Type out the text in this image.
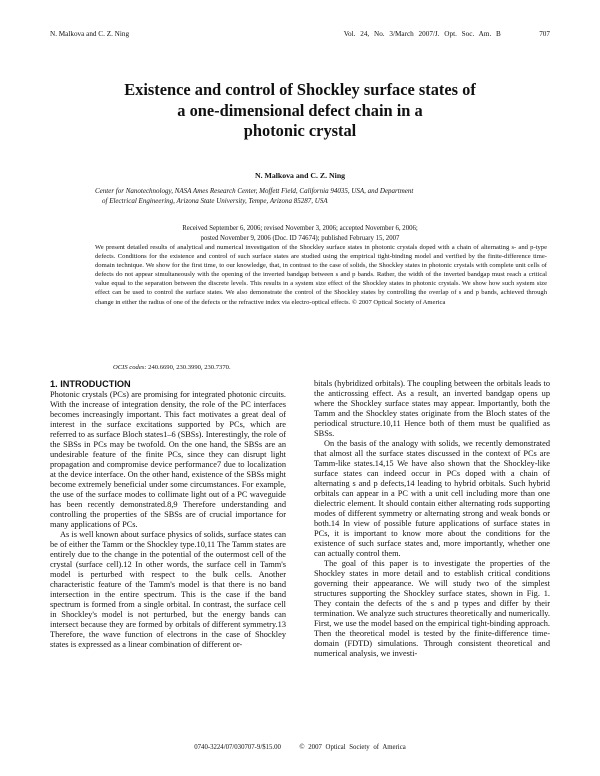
N. Malkova and C. Z. Ning	Vol. 24, No. 3/March 2007/J. Opt. Soc. Am. B        707
Existence and control of Shockley surface states of
a one-dimensional defect chain in a
photonic crystal
N. Malkova and C. Z. Ning
Center for Nanotechnology, NASA Ames Research Center, Moffett Field, California 94035, USA, and Department
of Electrical Engineering, Arizona State University, Tempe, Arizona 85287, USA
Received September 6, 2006; revised November 3, 2006; accepted November 6, 2006;
posted November 9, 2006 (Doc. ID 74674); published February 15, 2007
We present detailed results of analytical and numerical investigation of the Shockley surface states in photonic crystals doped with a chain of alternating s- and p-type defects. Conditions for the existence and control of such surface states are studied using the empirical tight-binding model and verified by the finite-difference time-domain technique. We show for the first time, to our knowledge, that, in contrast to the case of solids, the Shockley states in photonic crystals with complete unit cells of defects do not appear simultaneously with the opening of the inverted bandgap between s and p bands. Rather, the width of the inverted bandgap must reach a critical value equal to the separation between the discrete levels. This results in a system size effect of the Shockley states in photonic crystals. We show how such system size effect can be used to control the surface states. We also demonstrate the control of the Shockley states by controlling the overlap of s and p bands, achieved through change in either the radius of one of the defects or the refractive index via electro-optical effects. © 2007 Optical Society of America
OCIS codes: 240.6690, 230.3990, 230.7370.
1. INTRODUCTION

Photonic crystals (PCs) are promising for integrated photonic circuits. With the increase of integration density, the role of the PC interfaces becomes increasingly important. This fact motivates a great deal of interest in the surface excitations supported by PCs, which are referred to as surface Bloch states1–6 (SBSs). Interestingly, the role of the SBSs in PCs may be twofold. On the one hand, the SBSs are an undesirable feature of the finite PCs, since they can disrupt light propagation and compromise device performance7 due to localization at the device interface. On the other hand, existence of the SBSs might become extremely beneficial under some circumstances. For example, the use of the surface modes to collimate light out of a PC waveguide has been recently demonstrated.8,9 Therefore understanding and controlling the properties of the SBSs are of crucial importance for many applications of PCs.

As is well known about surface physics of solids, surface states can be of either the Tamm or the Shockley type.10,11 The Tamm states are entirely due to the change in the potential of the outermost cell of the crystal (surface cell).12 In other words, the surface cell in Tamm's model is perturbed with respect to the bulk cells. Another characteristic feature of the Tamm's model is that there is no band intersection in the entire spectrum. This is the case if the band spectrum is formed from a single orbital. In contrast, the surface cell in Shockley's model is not perturbed, but the energy bands can intersect because they are formed by orbitals of different symmetry.13 Therefore, the wave function of electrons in the case of Shockley states is expressed as a linear combination of different or-

bitals (hybridized orbitals). The coupling between the orbitals leads to the anticrossing effect. As a result, an inverted bandgap opens up where the Shockley surface states may appear. Importantly, both the Tamm and the Shockley states originate from the Bloch states of the periodical structure.10,11 Hence both of them must be qualified as SBSs.

On the basis of the analogy with solids, we recently demonstrated that almost all the surface states discussed in the context of PCs are Tamm-like states.14,15 We have also shown that the Shockley-like surface states can indeed occur in PCs doped with a chain of alternating s and p defects,14 leading to hybrid orbitals. Such hybrid orbitals can appear in a PC with a unit cell including more than one dielectric element. It should contain either alternating rods supporting modes of different symmetry or alternating strong and weak bonds or both.14 In view of possible future applications of surface states in PCs, it is important to know more about the conditions for the existence of such surface states and, more importantly, whether one can actually control them.

The goal of this paper is to investigate the properties of the Shockley states in more detail and to establish critical conditions governing their appearance. We will study two of the simplest structures supporting the Shockley surface states, shown in Fig. 1. They contain the defects of the s and p types and differ by their termination. We analyze such structures theoretically and numerically. First, we use the model based on the empirical tight-binding approach. Then the theoretical model is tested by the finite-difference time-domain (FDTD) simulations. Through consistent theoretical and numerical analysis, we investi-

0740-3224/07/030707-9/$15.00     © 2007 Optical Society of America
